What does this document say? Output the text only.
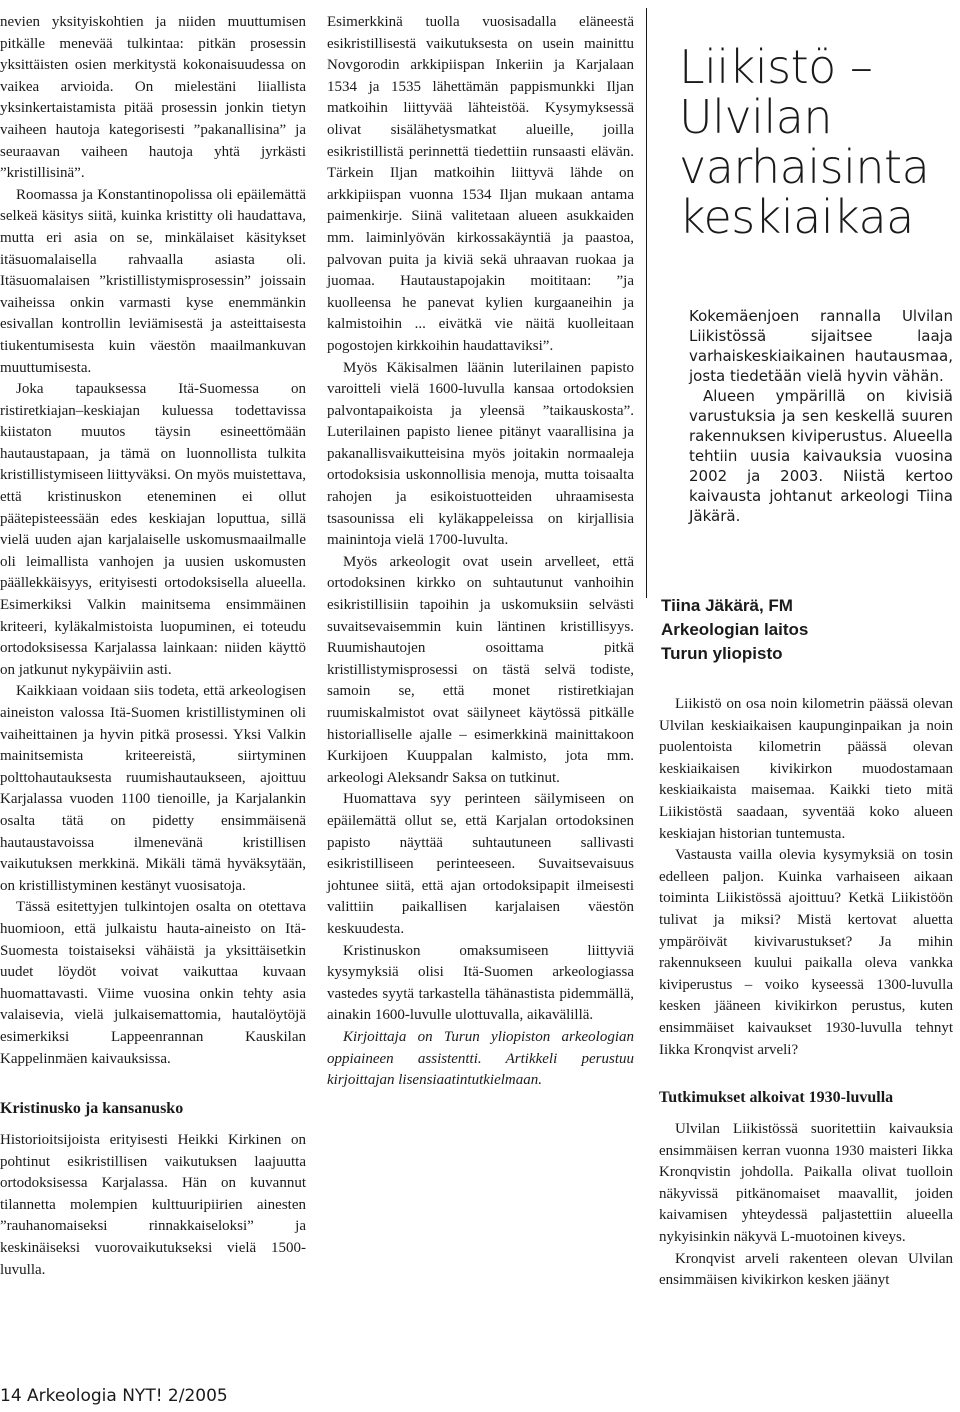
nevien yksityiskohtien ja niiden muuttumisen pitkälle menevää tulkintaa: pitkän prosessin yksittäisten osien merkitystä kokonaisuudessa on vaikea arvioida. On mielestäni liiallista yksinkertaistamista pitää prosessin jonkin tietyn vaiheen hautoja kategorisesti ”pakanallisina” ja seuraavan vaiheen hautoja yhtä jyrkästi ”kristillisinä”.

Roomassa ja Konstantinopolissa oli epäilemättä selkeä käsitys siitä, kuinka kristitty oli haudattava, mutta eri asia on se, minkälaiset käsitykset itäsuomalaisella rahvaalla asiasta oli. Itäsuomalaisen ”kristillistymisprosessin” joissain vaiheissa onkin varmasti kyse enemmänkin esivallan kontrollin leviämisestä ja asteittaisesta tiukentumisesta kuin väestön maailmankuvan muuttumisesta.

Joka tapauksessa Itä-Suomessa on ristiretkiajan–keskiajan kuluessa todettavissa kiistaton muutos täysin esineettömään hautaustapaan, ja tämä on luonnollista tulkita kristillistymiseen liittyväksi. On myös muistettava, että kristinuskon eteneminen ei ollut päätepisteessään edes keskiajan loputtua, sillä vielä uuden ajan karjalaiselle uskomusmaailmalle oli leimallista vanhojen ja uusien uskomusten päällekkäisyys, erityisesti ortodoksisella alueella. Esimerkiksi Valkin mainitsema ensimmäinen kriteeri, kyläkalmistoista luopuminen, ei toteudu ortodoksisessa Karjalassa lainkaan: niiden käyttö on jatkunut nykypäiviin asti.

Kaikkiaan voidaan siis todeta, että arkeologisen aineiston valossa Itä-Suomen kristillistyminen oli vaiheittainen ja hyvin pitkä prosessi. Yksi Valkin mainitsemista kriteereistä, siirtyminen polttohautauksesta ruumishautaukseen, ajoittuu Karjalassa vuoden 1100 tienoille, ja Karjalankin osalta tätä on pidetty ensimmäisenä hautaustavoissa ilmenevänä kristillisen vaikutuksen merkkinä. Mikäli tämä hyväksytään, on kristillistyminen kestänyt vuosisatoja.

Tässä esitettyjen tulkintojen osalta on otettava huomioon, että julkaistu hauta-aineisto on Itä-Suomesta toistaiseksi vähäistä ja yksittäisetkin uudet löydöt voivat vaikuttaa kuvaan huomattavasti. Viime vuosina onkin tehty asia valaisevia, vielä julkaisemattomia, hautalöytöjä esimerkiksi Lappeenrannan Kauskilan Kappelinmäen kaivauksissa.

Kristinusko ja kansanusko

Historioitsijoista erityisesti Heikki Kirkinen on pohtinut esikristillisen vaikutuksen laajuutta ortodoksisessa Karjalassa. Hän on kuvannut tilannetta molempien kulttuuripiirien ainesten ”rauhanomaiseksi rinnakkaiseloksi” ja keskinäiseksi vuorovaikutukseksi vielä 1500-luvulla.

Esimerkkinä tuolla vuosisadalla eläneestä esikristillisestä vaikutuksesta on usein mainittu Novgorodin arkkipiispan Inkeriin ja Karjalaan 1534 ja 1535 lähettämän pappismunkki Iljan matkoihin liittyvää lähteistöä. Kysymyksessä olivat sisälähetysmatkat alueille, joilla esikristillistä perinnettä tiedettiin runsaasti elävän. Tärkein Iljan matkoihin liittyvä lähde on arkkipiispan vuonna 1534 Iljan mukaan antama paimenkirje. Siinä valitetaan alueen asukkaiden mm. laiminlyövän kirkossakäyntiä ja paastoa, palvovan puita ja kiviä sekä uhraavan ruokaa ja juomaa. Hautaustapojakin moititaan: ”ja kuolleensa he panevat kylien kurgaaneihin ja kalmistoihin ... eivätkä vie näitä kuolleitaan pogostojen kirkkoihin haudattaviksi”.

Myös Käkisalmen läänin luterilainen papisto varoitteli vielä 1600-luvulla kansaa ortodoksien palvontapaikoista ja yleensä ”taikauskosta”. Luterilainen papisto lienee pitänyt vaarallisina ja pakanallisvaikutteisina myös joitakin normaaleja ortodoksisia uskonnollisia menoja, mutta toisaalta rahojen ja esikoistuotteiden uhraamisesta tsasounissa eli kyläkappeleissa on kirjallisia mainintoja vielä 1700-luvulta.

Myös arkeologit ovat usein arvelleet, että ortodoksinen kirkko on suhtautunut vanhoihin esikristillisiin tapoihin ja uskomuksiin selvästi suvaitsevaisemmin kuin läntinen kristillisyys. Ruumishautojen osoittama pitkä kristillistymisprosessi on tästä selvä todiste, samoin se, että monet ristiretkiajan ruumiskalmistot ovat säilyneet käytössä pitkälle historialliselle ajalle – esimerkkinä mainittakoon Kurkijoen Kuuppalan kalmisto, jota mm. arkeologi Aleksandr Saksa on tutkinut.

Huomattava syy perinteen säilymiseen on epäilemättä ollut se, että Karjalan ortodoksinen papisto näyttää suhtautuneen sallivasti esikristilliseen perinteeseen. Suvaitsevaisuus johtunee siitä, että ajan ortodoksipapit ilmeisesti valittiin paikallisen karjalaisen väestön keskuudesta.

Kristinuskon omaksumiseen liittyviä kysymyksiä olisi Itä-Suomen arkeologiassa vastedes syytä tarkastella tähänastista pidemmällä, ainakin 1600-luvulle ulottuvalla, aikavälillä.

Kirjoittaja on Turun yliopiston arkeologian oppiaineen assistentti. Artikkeli perustuu kirjoittajan lisensiaatintutkielmaan.

Liikistö –
Ulvilan
varhaisinta
keskiaikaa

Kokemäenjoen rannalla Ulvilan Liikistössä sijaitsee laaja varhaiskeskiaikainen hautausmaa, josta tiedetään vielä hyvin vähän.

Alueen ympärillä on kivisiä varustuksia ja sen keskellä suuren rakennuksen kiviperustus. Alueella tehtiin uusia kaivauksia vuosina 2002 ja 2003. Niistä kertoo kaivausta johtanut arkeologi Tiina Jäkärä.

Tiina Jäkärä, FM
Arkeologian laitos
Turun yliopisto

Liikistö on osa noin kilometrin päässä olevan Ulvilan keskiaikaisen kaupunginpaikan ja noin puolentoista kilometrin päässä olevan keskiaikaisen kivikirkon muodostamaan keskiaikaista maisemaa. Kaikki tieto mitä Liikistöstä saadaan, syventää koko alueen keskiajan historian tuntemusta.

Vastausta vailla olevia kysymyksiä on tosin edelleen paljon. Kuinka varhaiseen aikaan toiminta Liikistössä ajoittuu? Ketkä Liikistöön tulivat ja miksi? Mistä kertovat aluetta ympäröivät kivivarustukset? Ja mihin rakennukseen kuului paikalla oleva vankka kiviperustus – voiko kyseessä 1300-luvulla kesken jääneen kivikirkon perustus, kuten ensimmäiset kaivaukset 1930-luvulla tehnyt Iikka Kronqvist arveli?

Tutkimukset alkoivat 1930-luvulla

Ulvilan Liikistössä suoritettiin kaivauksia ensimmäisen kerran vuonna 1930 maisteri Iikka Kronqvistin johdolla. Paikalla olivat tuolloin näkyvissä pitkänomaiset maavallit, joiden kaivamisen yhteydessä paljastettiin alueella nykyisinkin näkyvä L-muotoinen kiveys.

Kronqvist arveli rakenteen olevan Ulvilan ensimmäisen kivikirkon kesken jäänyt

14 Arkeologia NYT! 2/2005
